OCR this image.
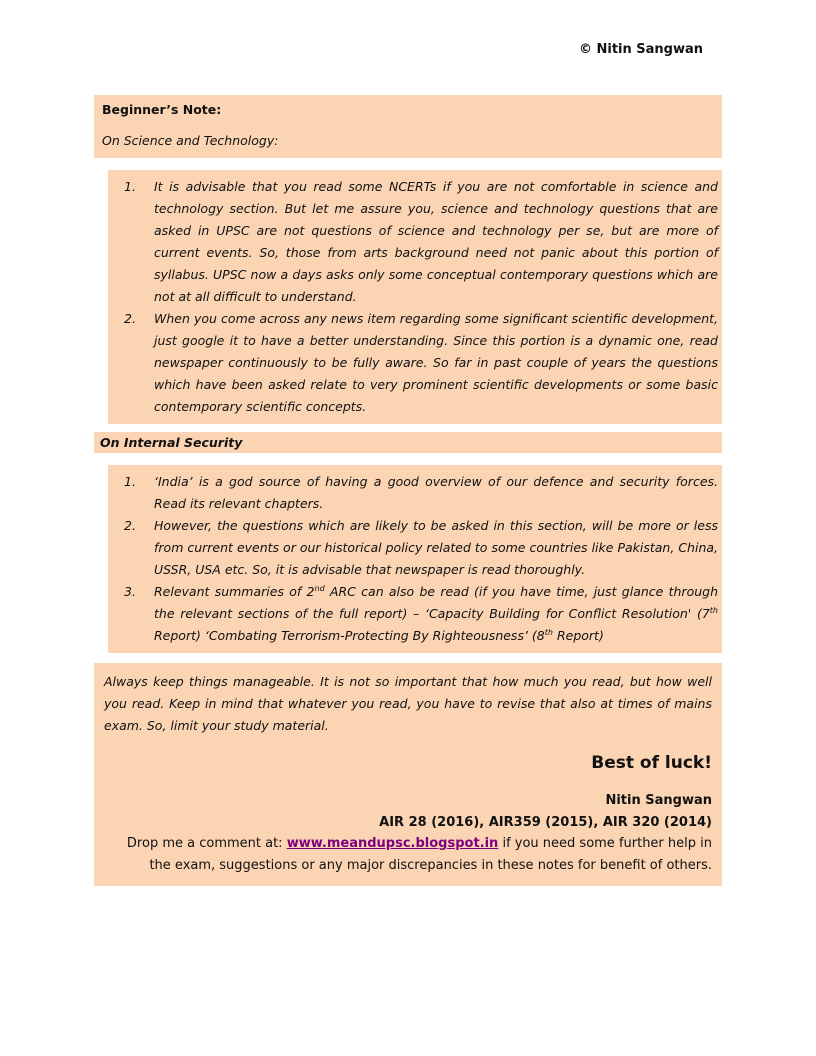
© Nitin Sangwan
Beginner’s Note:
On Science and Technology:
It is advisable that you read some NCERTs if you are not comfortable in science and technology section. But let me assure you, science and technology questions that are asked in UPSC are not questions of science and technology per se, but are more of current events. So, those from arts background need not panic about this portion of syllabus. UPSC now a days asks only some conceptual contemporary questions which are not at all difficult to understand.
When you come across any news item regarding some significant scientific development, just google it to have a better understanding. Since this portion is a dynamic one, read newspaper continuously to be fully aware. So far in past couple of years the questions which have been asked relate to very prominent scientific developments or some basic contemporary scientific concepts.
On Internal Security
‘India’ is a god source of having a good overview of our defence and security forces. Read its relevant chapters.
However, the questions which are likely to be asked in this section, will be more or less from current events or our historical policy related to some countries like Pakistan, China, USSR, USA etc. So, it is advisable that newspaper is read thoroughly.
Relevant summaries of 2nd ARC can also be read (if you have time, just glance through the relevant sections of the full report) – ‘Capacity Building for Conflict Resolution' (7th Report) ‘Combating Terrorism-Protecting By Righteousness’ (8th Report)

Always keep things manageable. It is not so important that how much you read, but how well you read. Keep in mind that whatever you read, you have to revise that also at times of mains exam. So, limit your study material.

Best of luck!
Nitin Sangwan
AIR 28 (2016), AIR359 (2015), AIR 320 (2014)
Drop me a comment at: www.meandupsc.blogspot.in if you need some further help in the exam, suggestions or any major discrepancies in these notes for benefit of others.
